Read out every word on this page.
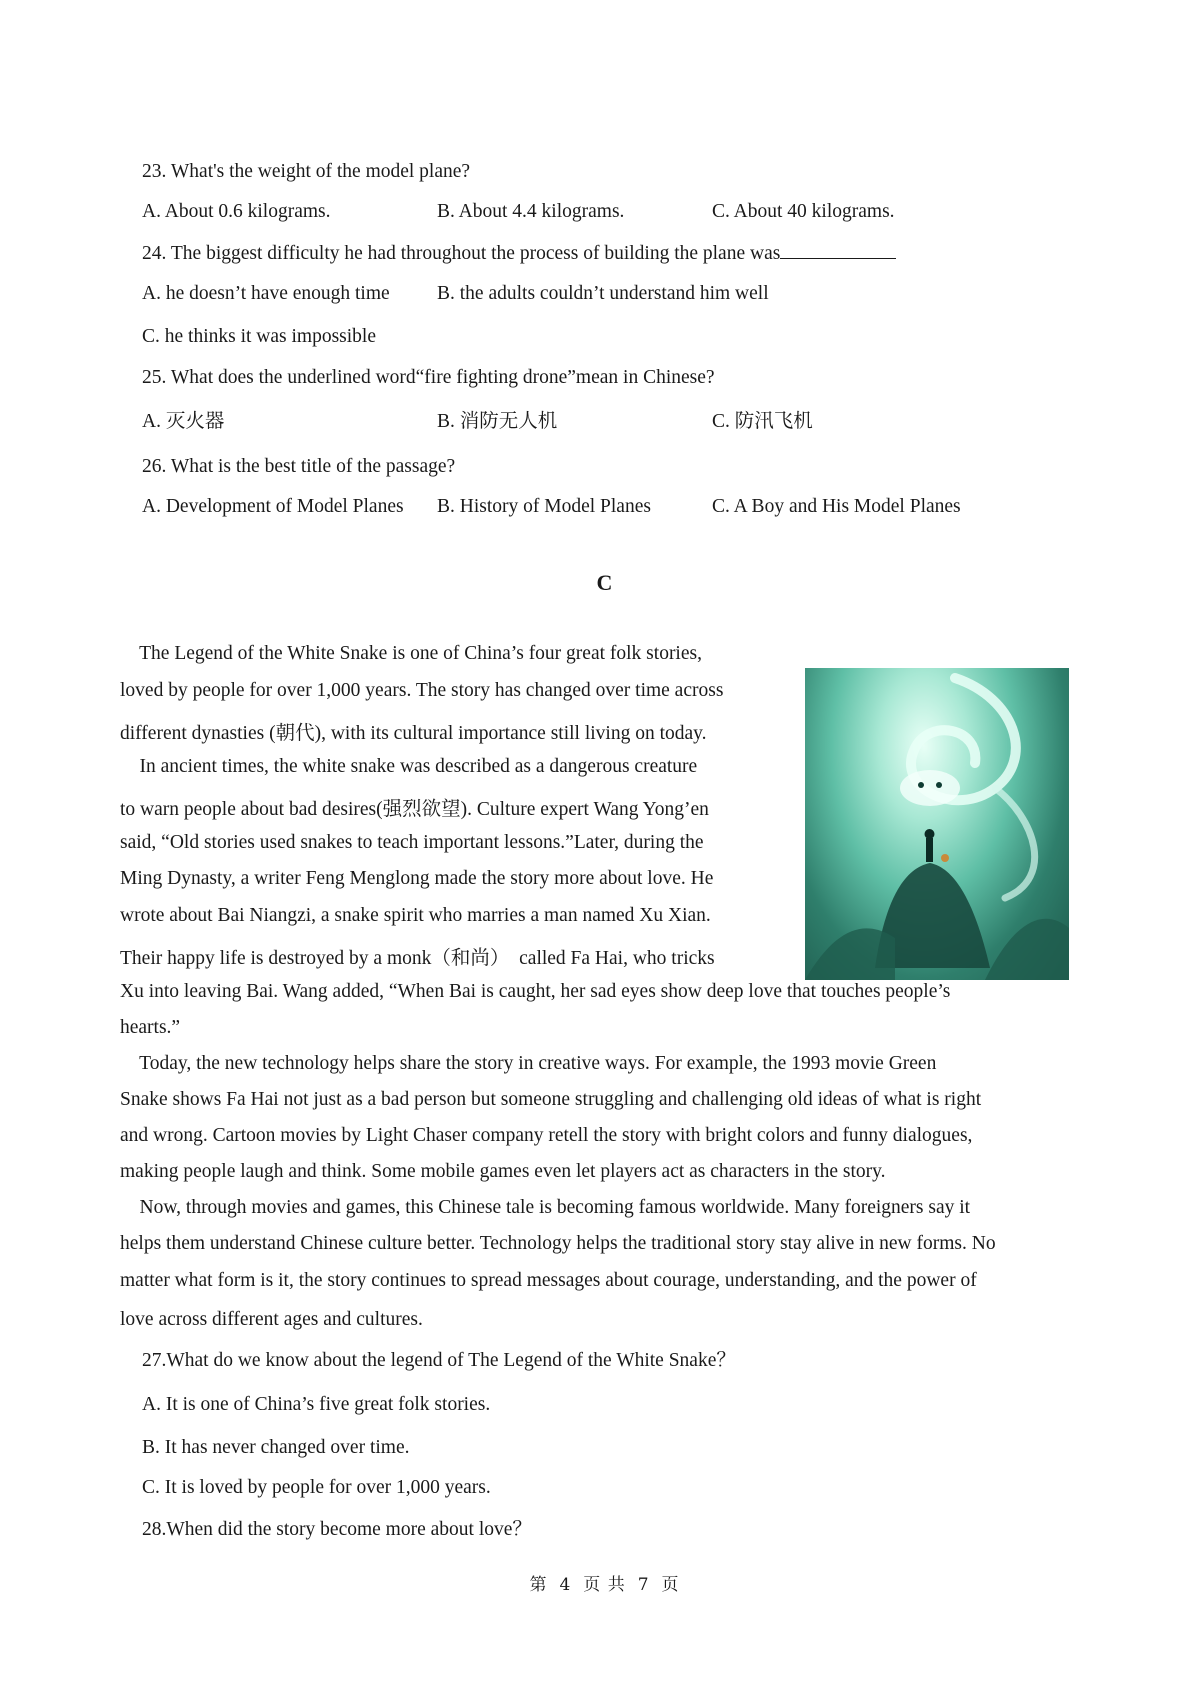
23. What's the weight of the model plane?
A. About 0.6 kilograms.	B. About 4.4 kilograms.	C. About 40 kilograms.
24. The biggest difficulty he had throughout the process of building the plane was
A. he doesn’t have enough time B. the adults couldn’t understand him well
C. he thinks it was impossible
25. What does the underlined word“fire fighting drone”mean in Chinese?
A. 灭火器	B. 消防无人机	C. 防汛飞机
26. What is the best title of the passage?
A. Development of Model Planes B. History of Model Planes	C. A Boy and His Model Planes
C
The Legend of the White Snake is one of China’s four great folk stories,
loved by people for over 1,000 years. The story has changed over time across
different dynasties (朝代), with its cultural importance still living on today.
In ancient times, the white snake was described as a dangerous creature
to warn people about bad desires(强烈欲望). Culture expert Wang Yong’en
said, “Old stories used snakes to teach important lessons.”Later, during the
Ming Dynasty, a writer Feng Menglong made the story more about love. He
wrote about Bai Niangzi, a snake spirit who marries a man named Xu Xian.
Their happy life is destroyed by a monk（和尚）  called Fa Hai, who tricks
Xu into leaving Bai. Wang added, “When Bai is caught, her sad eyes show deep love that touches people’s
hearts.”
Today, the new technology helps share the story in creative ways. For example, the 1993 movie Green
Snake shows Fa Hai not just as a bad person but someone struggling and challenging old ideas of what is right
and wrong. Cartoon movies by Light Chaser company retell the story with bright colors and funny dialogues,
making people laugh and think. Some mobile games even let players act as characters in the story.
Now, through movies and games, this Chinese tale is becoming famous worldwide. Many foreigners say it
helps them understand Chinese culture better. Technology helps the traditional story stay alive in new forms. No
matter what form is it, the story continues to spread messages about courage, understanding, and the power of
love across different ages and cultures.
27.What do we know about the legend of The Legend of the White Snake？
A. It is one of China’s five great folk stories.
B. It has never changed over time.
C. It is loved by people for over 1,000 years.
28.When did the story become more about love？
第 4 页 共 7 页
